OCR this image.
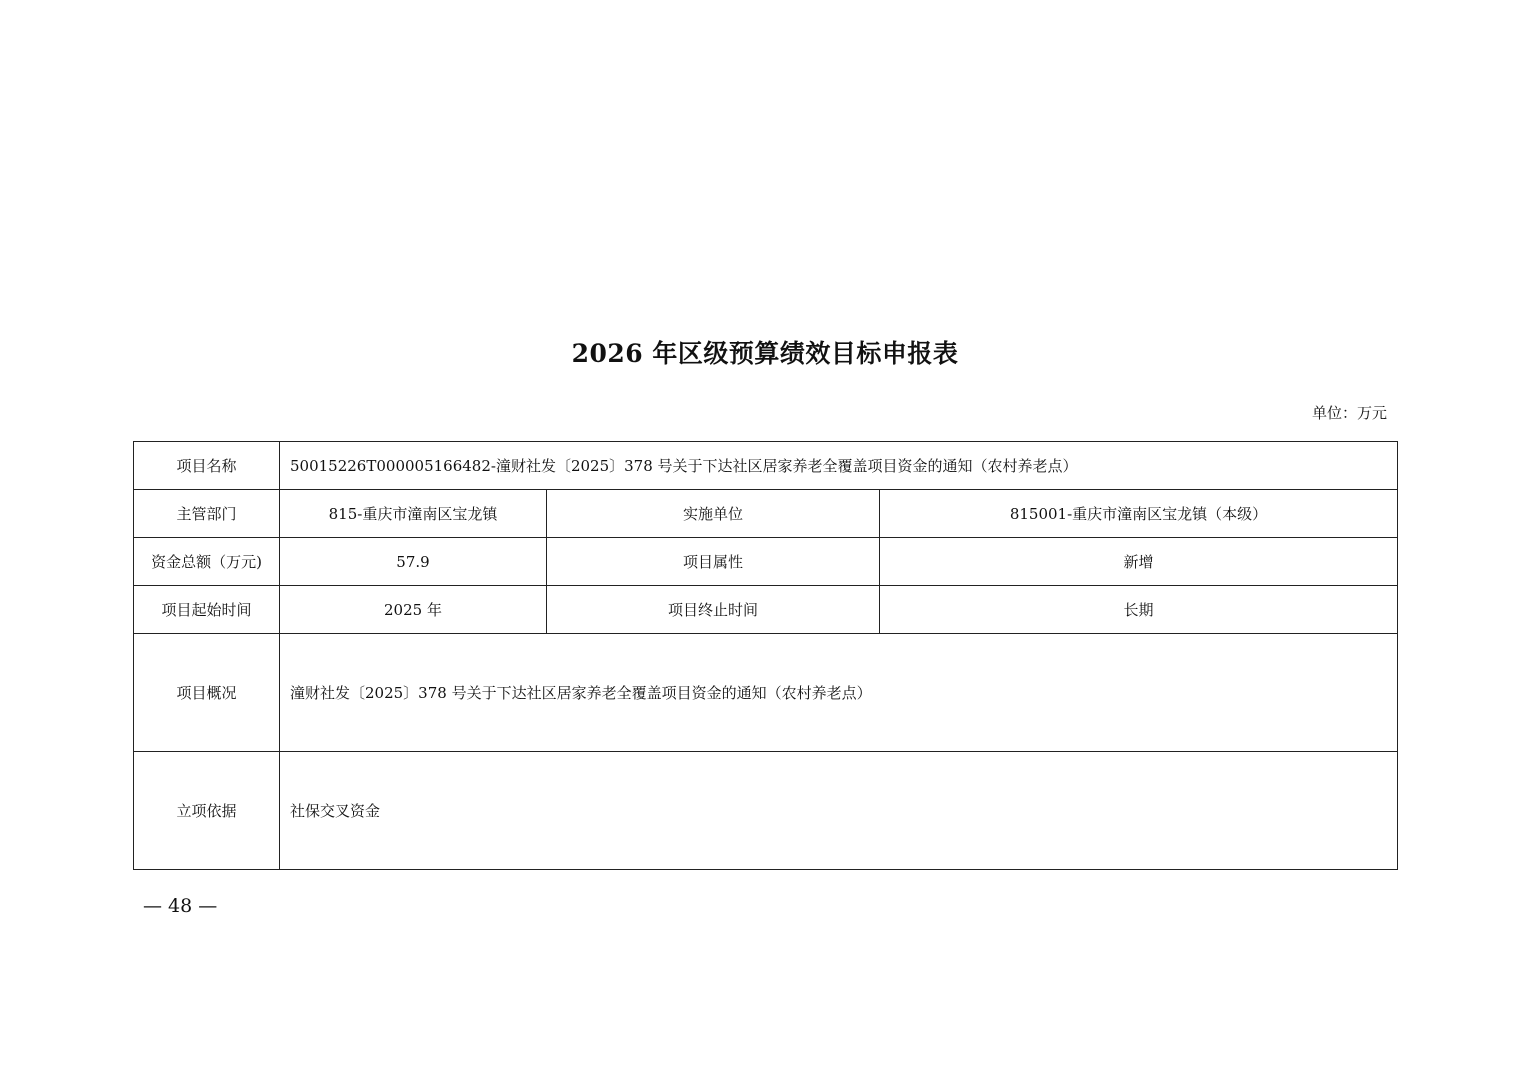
2026 年区级预算绩效目标申报表
单位：万元
项目名称	50015226T000005166482-潼财社发〔2025〕378 号关于下达社区居家养老全覆盖项目资金的通知（农村养老点）		
主管部门	815-重庆市潼南区宝龙镇	实施单位	815001-重庆市潼南区宝龙镇（本级）
资金总额（万元)	57.9	项目属性	新增
项目起始时间	2025 年	项目终止时间	长期
项目概况	潼财社发〔2025〕378 号关于下达社区居家养老全覆盖项目资金的通知（农村养老点）		
立项依据	社保交叉资金		
— 48 —
